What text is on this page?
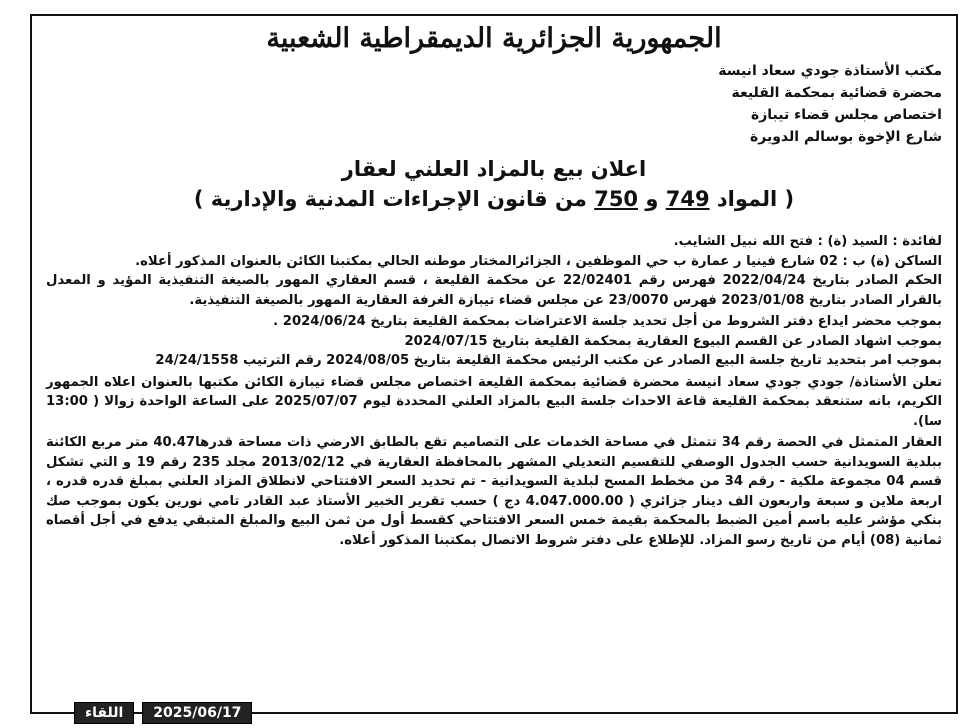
الجمهورية الجزائرية الديمقراطية الشعبية
مكتب الأستاذة جودي سعاد انيسة
محضرة قضائية بمحكمة القليعة
اختصاص مجلس قضاء تيبازة
شارع الإخوة بوسالم الدويرة
اعلان بيع بالمزاد العلني لعقار
( المواد 749 و 750 من قانون الإجراءات المدنية والإدارية )

لفائدة : السيد (ة) : فتح الله نبيل الشايب.

الساكن (ة) ب : 02 شارع فينيا ر عمارة ب حي الموظفين ، الجزائرالمختار موطنه الحالي بمكتبنا الكائن بالعنوان المذكور أعلاه.

الحكم الصادر بتاريخ 2022/04/24 فهرس رقم 22/02401 عن محكمة القليعة ، قسم العقاري المهور بالصيغة التنفيذية المؤيد و المعدل بالقرار الصادر بتاريخ 2023/01/08 فهرس 23/0070 عن مجلس قضاء تيبازة الغرفة العقارية المهور بالصيغة التنفيذية.

بموجب محضر ايداع دفتر الشروط من أجل تحديد جلسة الاعتراضات بمحكمة القليعة بتاريخ 2024/06/24 .

بموجب اشهاد الصادر عن القسم البيوع العقارية بمحكمة القليعة بتاريخ 2024/07/15

بموجب امر بتحديد تاريخ جلسة البيع الصادر عن مكتب الرئيس محكمة القليعة بتاريخ 2024/08/05 رقم الترتيب 24/24/1558

تعلن الأستاذة/ جودي جودي سعاد انيسة محضرة قضائية بمحكمة القليعة اختصاص مجلس قضاء تيبازة الكائن مكتبها بالعنوان اعلاه الجمهور الكريم، بانه ستنعقد بمحكمة القليعة قاعة الاحداث جلسة البيع بالمزاد العلني المحددة ليوم 2025/07/07 على الساعة الواحدة زوالا ( 13:00 سا).

العقار المتمثل في الحصة رقم 34 تتمثل في مساحة الخدمات على التصاميم تقع بالطابق الارضي ذات مساحة قدرها40.47 متر مربع الكائنة ببلدية السويدانية حسب الجدول الوصفي للتقسيم التعديلي المشهر بالمحافظة العقارية في 2013/02/12 مجلد 235 رقم 19 و التي تشكل قسم 04 مجموعة ملكية - رقم 34 من مخطط المسح لبلدية السويدانية - تم تحديد السعر الافتتاحي لانطلاق المزاد العلني بمبلغ قدره قدره ، اربعة ملاين و سبعة واربعون الف دينار جزائري ( 4.047.000.00 دج ) حسب تقرير الخبير الأستاذ عبد القادر تامي نورين يكون بموجب صك بنكي مؤشر عليه باسم أمين الضبط بالمحكمة بقيمة خمس السعر الافتتاحي كقسط أول من ثمن البيع والمبلغ المتبقي يدفع في أجل أقصاه ثمانية (08) أيام من تاريخ رسو المزاد. للإطلاع على دفتر شروط الاتصال بمكتبنا المذكور أعلاه.

اللقاء	2025/06/17
